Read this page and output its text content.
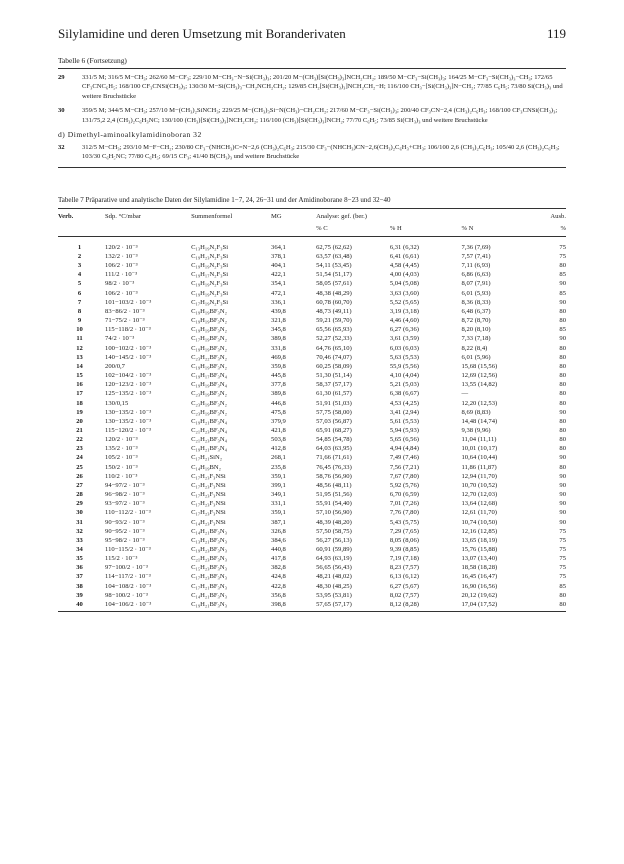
Silylamidine und deren Umsetzung mit Boranderivaten	119
Tabelle 6 (Fortsetzung)
29	331/5 M; 316/5 M−CH₃; 262/60 M−CF₃; 229/10 M−CH₃−N−Si(CH₃)₃; 201/20 M−(CH₃)[Si(CH₃)₃]NCH₂CH₂; 189/50 M−CF₃−Si(CH₃)₃; 164/25 M−CF₃−Si(CH₃)₃−CH₃; 172/65 CF₃CNC₆H₅; 168/100 CF₃CNSi(CH₃)₃; 130/30 M−Si(CH₃)₃−CH₂NCH₂CH₂; 129/85 CH₂[Si(CH₃)₃]NCH₂CH₂−H; 116/100 CH₃−[Si(CH₃)₃]N−CH₂; 77/85 C₆H₅; 73/80 Si(CH₃)₃ und weitere Bruchstücke
30	359/5 M; 344/5 M−CH₃; 257/10 M−(CH₃)₂SiNCH₃; 229/25 M−(CH₃)₃Si−N(CH₃)−CH₂CH₂; 217/60 M−CF₃−Si(CH₃)₃; 200/40 CF₃CN−2,4 (CH₃)₂C₆H₃; 168/100 CF₃CNSi(CH₃)₃; 131/75,2 2,4 (CH₃)₂C₆H₃NC; 130/100 (CH₃)[Si(CH₃)₃]NCH₂CH₂; 116/100 (CH₃)[Si(CH₃)₃]NCH₂; 77/70 C₆H₅; 73/85 Si(CH₃)₃ und weitere Bruchstücke
d) Dimethyl-aminoalkylamidinoboran 32
32	312/5 M−CH₃; 293/10 M−F−CH₂; 230/80 CF₃−(NHCH₃)C=N−2,6 (CH₃)₂C₆H₃; 215/30 CF₃−(NHCH₃)CN−2,6(CH₃)₂C₆H₃+CH₃; 106/100 2,6 (CH₃)₂C₆H₃; 105/40 2,6 (CH₃)₂C₆H₃; 103/30 C₆H₅NC; 77/80 C₆H₅; 69/15 CF₃; 41/40 B(CH₃)₃ und weitere Bruchstücke
Tabelle 7 Präparative und analytische Daten der Silylamidine 1−7, 24, 26−31 und der Amidinoborane 8−23 und 32−40
Verb.	Sdp. °C/mbar	Summenformel	MG	Analyse: gef. (ber.)			Ausb.
				% C	% H	% N	%
1	120/2 · 10⁻³	C₁₃H₁₉N₂F₃Si	364,1	62,75 (62,62)	6,31 (6,32)	7,36 (7,69)	75
2	132/2 · 10⁻³	C₁₉H₂₃N₂F₃Si	378,1	63,57 (63,48)	6,41 (6,61)	7,57 (7,41)	75
3	106/2 · 10⁻³	C₁₉H₁₉N₂F₃Si	404,1	54,11 (53,45)	4,58 (4,45)	7,11 (6,93)	80
4	111/2 · 10⁻³	C₁₉H₁₇N₂F₃Si	422,1	51,54 (51,17)	4,00 (4,03)	6,86 (6,63)	85
5	98/2 · 10⁻³	C₁₉H₁₉N₂F₃Si	354,1	58,05 (57,61)	5,04 (5,08)	8,07 (7,91)	90
6	106/2 · 10⁻³	C₁₉H₁₉N₂F₃Si	472,1	48,38 (48,29)	3,63 (3,60)	6,01 (5,93)	85
7	101−103/2 · 10⁻³	C₁₇H₁₉N₂F₃Si	336,1	60,78 (60,70)	5,52 (5,65)	8,36 (8,33)	90
8	83−86/2 · 10⁻³	C₁₉H₁₉BF₃N₂	439,8	48,73 (49,11)	3,19 (3,18)	6,48 (6,37)	80
9	71−75/2 · 10⁻³	C₁₉H₁₉BF₃N₂	321,8	59,21 (59,70)	4,46 (4,60)	8,72 (8,70)	80
10	115−118/2 · 10⁻³	C₁₉H₁₉BF₃N₂	345,8	65,56 (65,93)	6,27 (6,36)	8,20 (8,10)	85
11	74/2 · 10⁻³	C₁₇H₁₉BF₃N₂	389,8	52,27 (52,33)	3,61 (3,59)	7,33 (7,18)	90
12	100−102/2 · 10⁻³	C₁₉H₁₉BF₃N₂	331,8	64,76 (65,10)	6,03 (6,03)	8,22 (8,4)	80
13	140−145/2 · 10⁻³	C₂₃H₂₂BF₃N₂	469,8	70,46 (74,07)	5,63 (5,53)	6,01 (5,96)	80
14	200/0,7	C₁₉H₁₉BF₃N₂	359,8	60,25 (58,09)	55,9 (5,56)	15,68 (15,56)	80
15	102−104/2 · 10⁻³	C₁₉H₁₇BF₃N₄	445,8	51,30 (51,14)	4,10 (4,04)	12,69 (12,56)	80
16	120−123/2 · 10⁻³	C₁₉H₁₉BF₃N₄	377,8	58,37 (57,17)	5,21 (5,03)	13,55 (14,82)	80
17	125−135/2 · 10⁻³	C₂₃H₁₉BF₃N₂	389,8	61,30 (61,57)	6,38 (6,67)	—	80
18	130/0,15	C₂₃H₁₉BF₃N₂	446,8	51,91 (51,03)	4,53 (4,25)	12,20 (12,53)	80
19	130−135/2 · 10⁻³	C₂₃H₁₉BF₃N₂	475,8	57,75 (58,00)	3,41 (2,94)	8,69 (8,83)	90
20	130−135/2 · 10⁻³	C₁₉H₂₁BF₃N₄	379,9	57,03 (56,87)	5,61 (5,53)	14,48 (14,74)	80
21	115−120/2 · 10⁻³	C₂₁H₂₃BF₃N₄	421,8	65,91 (68,27)	5,94 (5,93)	9,38 (9,96)	80
22	120/2 · 10⁻³	C₂₁H₂₃BF₃N₄	503,8	54,85 (54,78)	5,65 (6,56)	11,04 (11,11)	80
23	135/2 · 10⁻³	C₁₉H₂₁BF₃N₄	412,8	64,03 (63,95)	4,94 (4,84)	10,01 (10,17)	80
24	105/2 · 10⁻³	C₁₇H₂₁SiN₂	268,1	71,66 (71,61)	7,49 (7,46)	10,64 (10,44)	90
25	150/2 · 10⁻³	C₁₄H₁₉BN₂	235,8	76,45 (76,33)	7,56 (7,21)	11,86 (11,87)	80
26	110/2 · 10⁻³	C₁₇H₂₃F₃NSi	359,1	58,76 (56,90)	7,67 (7,80)	12,94 (11,70)	90
27	94−97/2 · 10⁻³	C₁₇H₂₃F₃NSi	399,1	48,56 (48,11)	5,92 (5,76)	10,70 (10,52)	90
28	96−98/2 · 10⁻³	C₁₇H₂₃F₃NSi	349,1	51,95 (51,56)	6,70 (6,59)	12,70 (12,03)	90
29	93−97/2 · 10⁻³	C₁₇H₂₃F₃NSi	331,1	55,91 (54,40)	7,01 (7,26)	13,64 (12,68)	90
30	110−112/2 · 10⁻³	C₁₇H₂₃F₃NSi	359,1	57,10 (56,90)	7,76 (7,80)	12,61 (11,70)	90
31	90−93/2 · 10⁻³	C₁₄H₂₃F₃NSi	387,1	48,39 (48,20)	5,43 (5,75)	10,74 (10,50)	90
32	90−95/2 · 10⁻³	C₁₄H₂₁BF₃N₃	326,8	57,50 (58,75)	7,29 (7,65)	12,16 (12,85)	75
33	95−98/2 · 10⁻³	C₁₃H₂₁BF₃N₃	384,6	56,27 (56,13)	8,05 (8,06)	13,65 (18,19)	75
34	110−115/2 · 10⁻³	C₁₉H₂₃BF₃N₃	440,8	60,91 (59,89)	9,39 (8,85)	15,76 (15,88)	75
35	115/2 · 10⁻³	C₂₁H₂₃BF₃N₃	417,8	64,93 (63,19)	7,19 (7,18)	13,07 (13,40)	75
36	97−100/2 · 10⁻³	C₁₅H₂₃BF₃N₃	382,8	56,65 (56,43)	8,23 (7,57)	18,58 (18,28)	75
37	114−117/2 · 10⁻³	C₁₇H₂₃BF₃N₃	424,8	48,21 (48,02)	6,13 (6,12)	16,45 (16,47)	75
38	104−108/2 · 10⁻³	C₁₇H₂₁BF₃N₃	422,8	48,30 (48,25)	6,27 (5,67)	16,90 (16,56)	85
39	98−100/2 · 10⁻³	C₁₄H₂₁BF₃N₃	356,8	53,95 (53,81)	8,02 (7,57)	20,12 (19,62)	80
40	104−106/2 · 10⁻³	C₁₉H₂₁BF₃N₃	398,8	57,65 (57,17)	8,12 (8,28)	17,04 (17,52)	80
